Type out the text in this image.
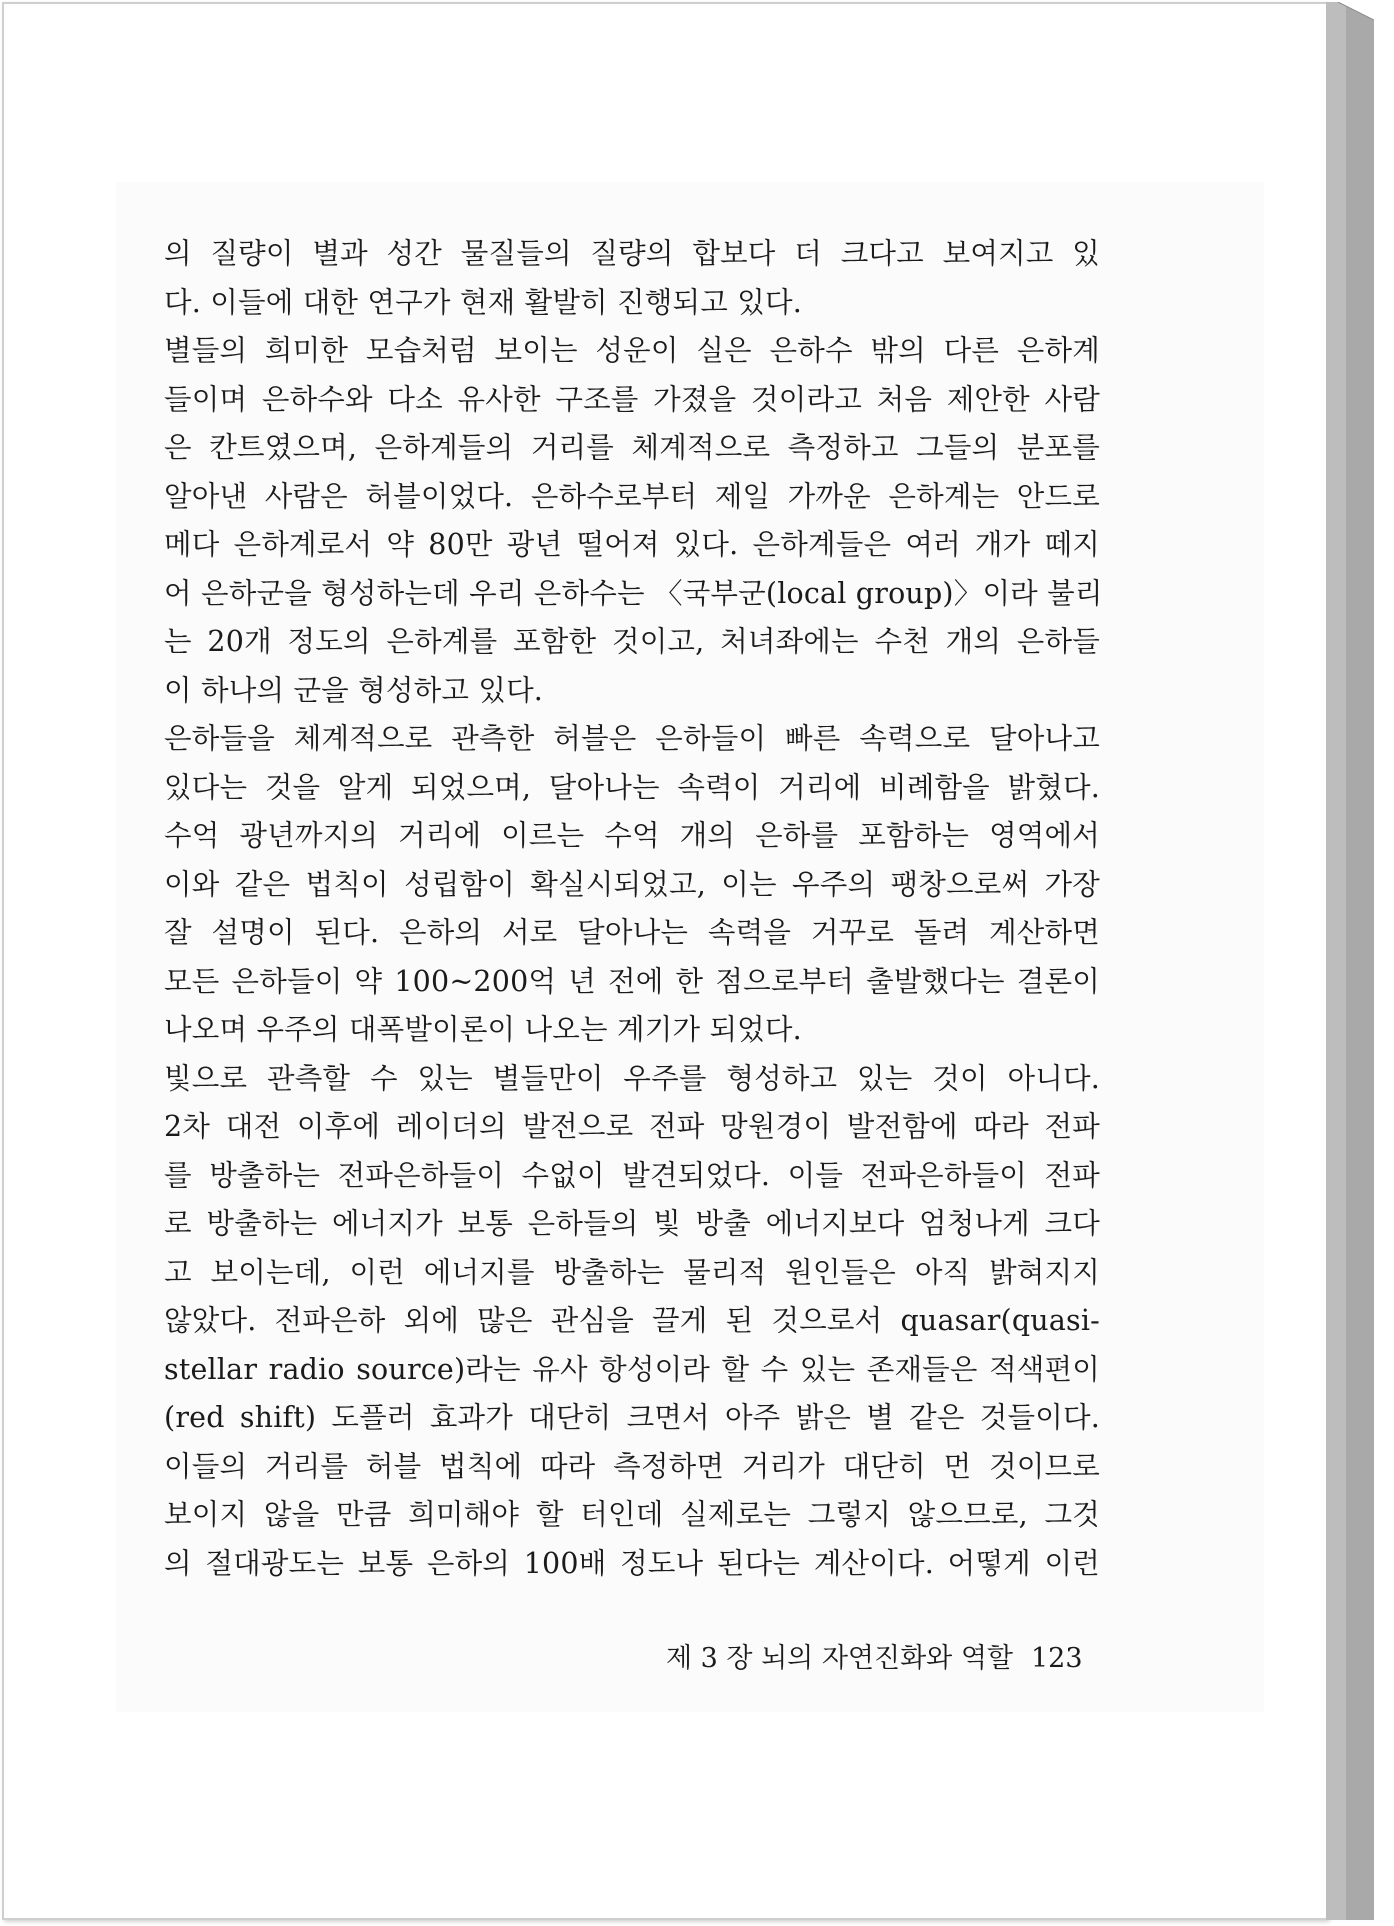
의 질량이 별과 성간 물질들의 질량의 합보다 더 크다고 보여지고 있
다. 이들에 대한 연구가 현재 활발히 진행되고 있다.
별들의 희미한 모습처럼 보이는 성운이 실은 은하수 밖의 다른 은하계
들이며 은하수와 다소 유사한 구조를 가졌을 것이라고 처음 제안한 사람
은 칸트였으며, 은하계들의 거리를 체계적으로 측정하고 그들의 분포를
알아낸 사람은 허블이었다. 은하수로부터 제일 가까운 은하계는 안드로
메다 은하계로서 약 80만 광년 떨어져 있다. 은하계들은 여러 개가 떼지
어 은하군을 형성하는데 우리 은하수는 〈국부군(local group)〉이라 불리
는 20개 정도의 은하계를 포함한 것이고, 처녀좌에는 수천 개의 은하들
이 하나의 군을 형성하고 있다.
은하들을 체계적으로 관측한 허블은 은하들이 빠른 속력으로 달아나고
있다는 것을 알게 되었으며, 달아나는 속력이 거리에 비례함을 밝혔다.
수억 광년까지의 거리에 이르는 수억 개의 은하를 포함하는 영역에서
이와 같은 법칙이 성립함이 확실시되었고, 이는 우주의 팽창으로써 가장
잘 설명이 된다. 은하의 서로 달아나는 속력을 거꾸로 돌려 계산하면
모든 은하들이 약 100~200억 년 전에 한 점으로부터 출발했다는 결론이
나오며 우주의 대폭발이론이 나오는 계기가 되었다.
빛으로 관측할 수 있는 별들만이 우주를 형성하고 있는 것이 아니다.
2차 대전 이후에 레이더의 발전으로 전파 망원경이 발전함에 따라 전파
를 방출하는 전파은하들이 수없이 발견되었다. 이들 전파은하들이 전파
로 방출하는 에너지가 보통 은하들의 빛 방출 에너지보다 엄청나게 크다
고 보이는데, 이런 에너지를 방출하는 물리적 원인들은 아직 밝혀지지
않았다. 전파은하 외에 많은 관심을 끌게 된 것으로서 quasar(quasi-
stellar radio source)라는 유사 항성이라 할 수 있는 존재들은 적색편이
(red shift) 도플러 효과가 대단히 크면서 아주 밝은 별 같은 것들이다.
이들의 거리를 허블 법칙에 따라 측정하면 거리가 대단히 먼 것이므로
보이지 않을 만큼 희미해야 할 터인데 실제로는 그렇지 않으므로, 그것
의 절대광도는 보통 은하의 100배 정도나 된다는 계산이다. 어떻게 이런
제 3 장 뇌의 자연진화와 역할 123
